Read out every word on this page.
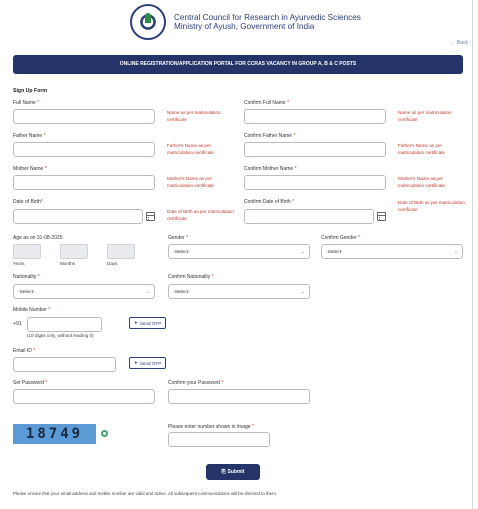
Central Council for Research in Ayurvedic Sciences
Ministry of Ayush, Government of India
← Back
ONLINE REGISTRATION/APPLICATION PORTAL FOR CCRAS VACANCY IN GROUP A, B & C POSTS
Sign Up Form
Full Name *
Name as per matriculation certificate
Confirm Full Name *
Name as per matriculation certificate
Father Name *
Father's Name as per matriculation certificate
Confirm Father Name *
Father's Name as per matriculation certificate
Mother Name *
Mother's Name as per matriculation certificate
Confirm Mother Name *
Mother's Name as per matriculation certificate
Date of Birth*
Date of Birth as per matriculation certificate
Confirm Date of Birth *	Date of Birth as per matriculation certificate
Age as on 31-08-2025
Years	Months	Days
Gender *
-Select-	⌄
Confirm Gender *
-Select-	⌄
Nationality *
-Select-	⌄
Confirm Nationality *
-Select-	⌄
Mobile Number *
+91
(10 digits only, without leading 0)
➤ Send OTP
Email ID *
➤ Send OTP
Set Password *	Confirm your Password *
18749	Please enter number shown in image *
⎘ Submit
Please ensure that your email address and mobile number are valid and active. All subsequent communications will be directed to them.
